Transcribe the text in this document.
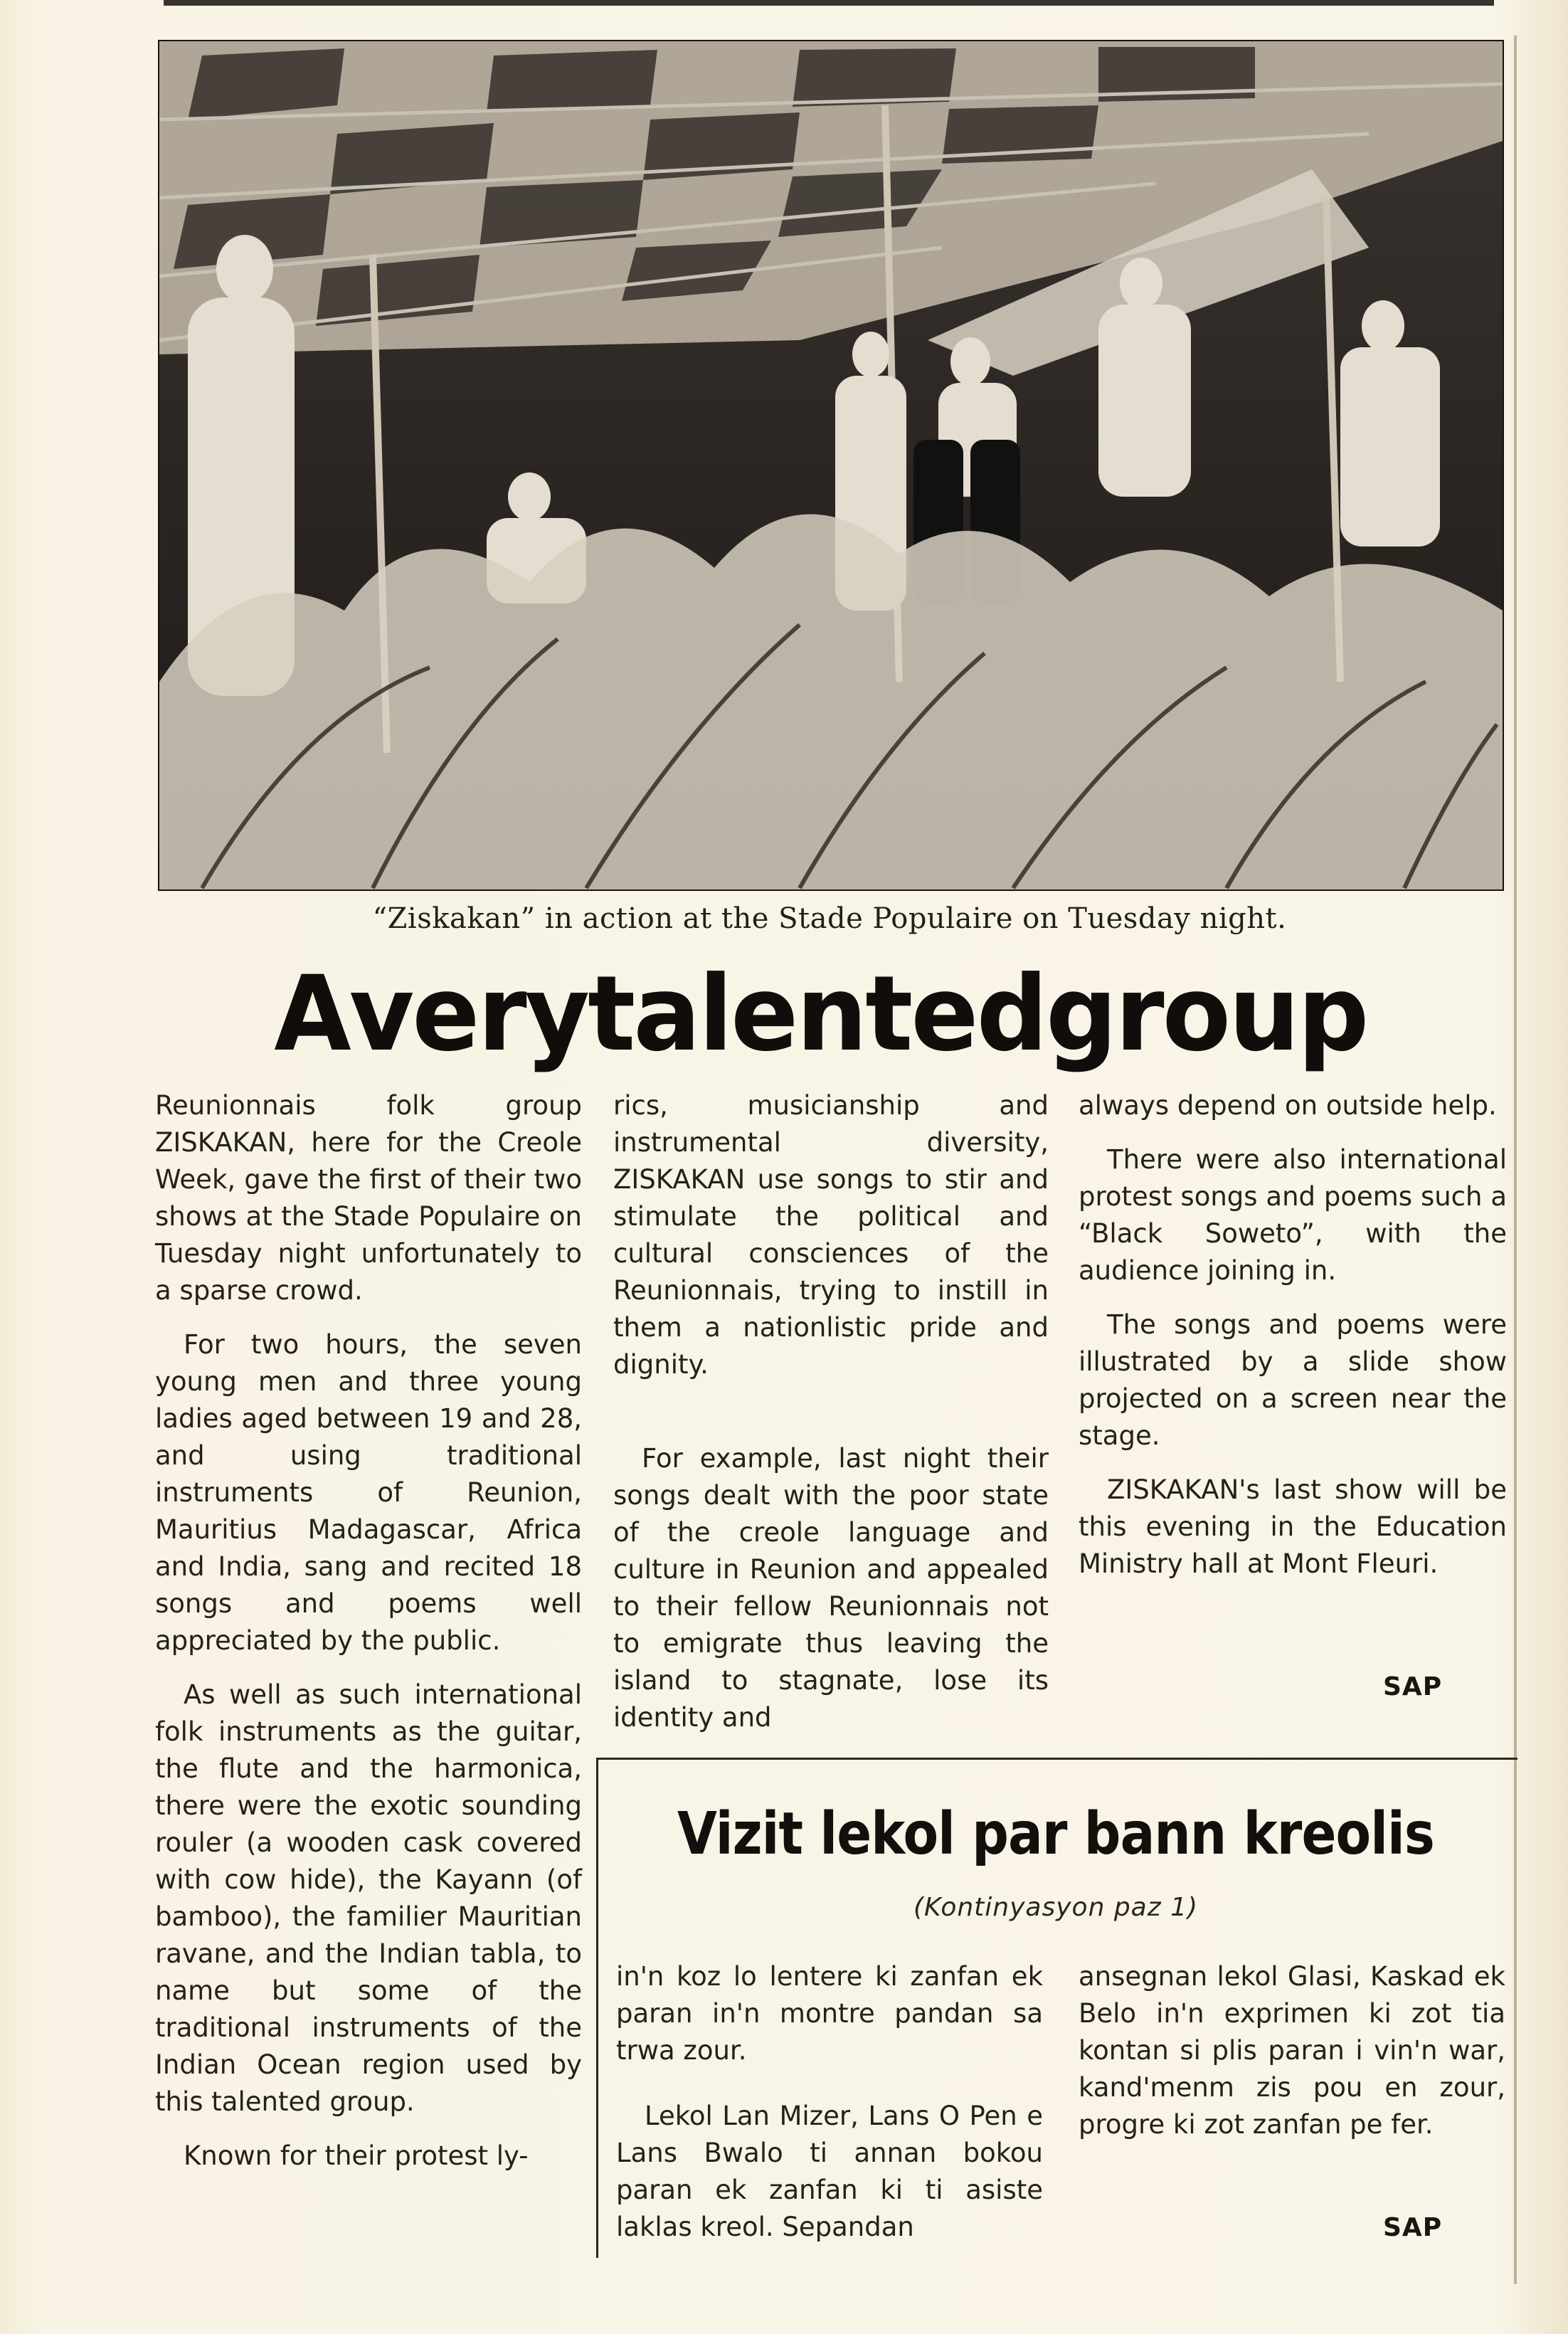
“Ziskakan” in action at the Stade Populaire on Tuesday night.
A very talented group

Reunionnais folk group ZISKAKAN, here for the Creole Week, gave the first of their two shows at the Stade Populaire on Tuesday night unfortunately to a sparse crowd.

For two hours, the seven young men and three young ladies aged between 19 and 28, and using traditional instruments of Reunion, Mauritius Madagascar, Africa and India, sang and recited 18 songs and poems well appreciated by the public.

As well as such international folk instruments as the guitar, the flute and the harmonica, there were the exotic sounding rouler (a wooden cask covered with cow hide), the Kayann (of bamboo), the familier Mauritian ravane, and the Indian tabla, to name but some of the traditional instruments of the Indian Ocean region used by this talented group.

Known for their protest ly-

rics, musicianship and instrumental diversity, ZISKAKAN use songs to stir and stimulate the political and cultural consciences of the Reunionnais, trying to instill in them a nationlistic pride and dignity.

For example, last night their songs dealt with the poor state of the creole language and culture in Reunion and appealed to their fellow Reunionnais not to emigrate thus leaving the island to stagnate, lose its identity and

always depend on outside help.

There were also international protest songs and poems such a “Black Soweto”, with the audience joining in.

The songs and poems were illustrated by a slide show projected on a screen near the stage.

ZISKAKAN's last show will be this evening in the Education Ministry hall at Mont Fleuri.

SAP
Vizit lekol par bann kreolis
(Kontinyasyon paz 1)

in'n koz lo lentere ki zanfan ek paran in'n montre pandan sa trwa zour.

Lekol Lan Mizer, Lans O Pen e Lans Bwalo ti annan bokou paran ek zanfan ki ti asiste laklas kreol. Sepandan

ansegnan lekol Glasi, Kaskad ek Belo in'n exprimen ki zot tia kontan si plis paran i vin'n war, kand'menm zis pou en zour, progre ki zot zanfan pe fer.

SAP
